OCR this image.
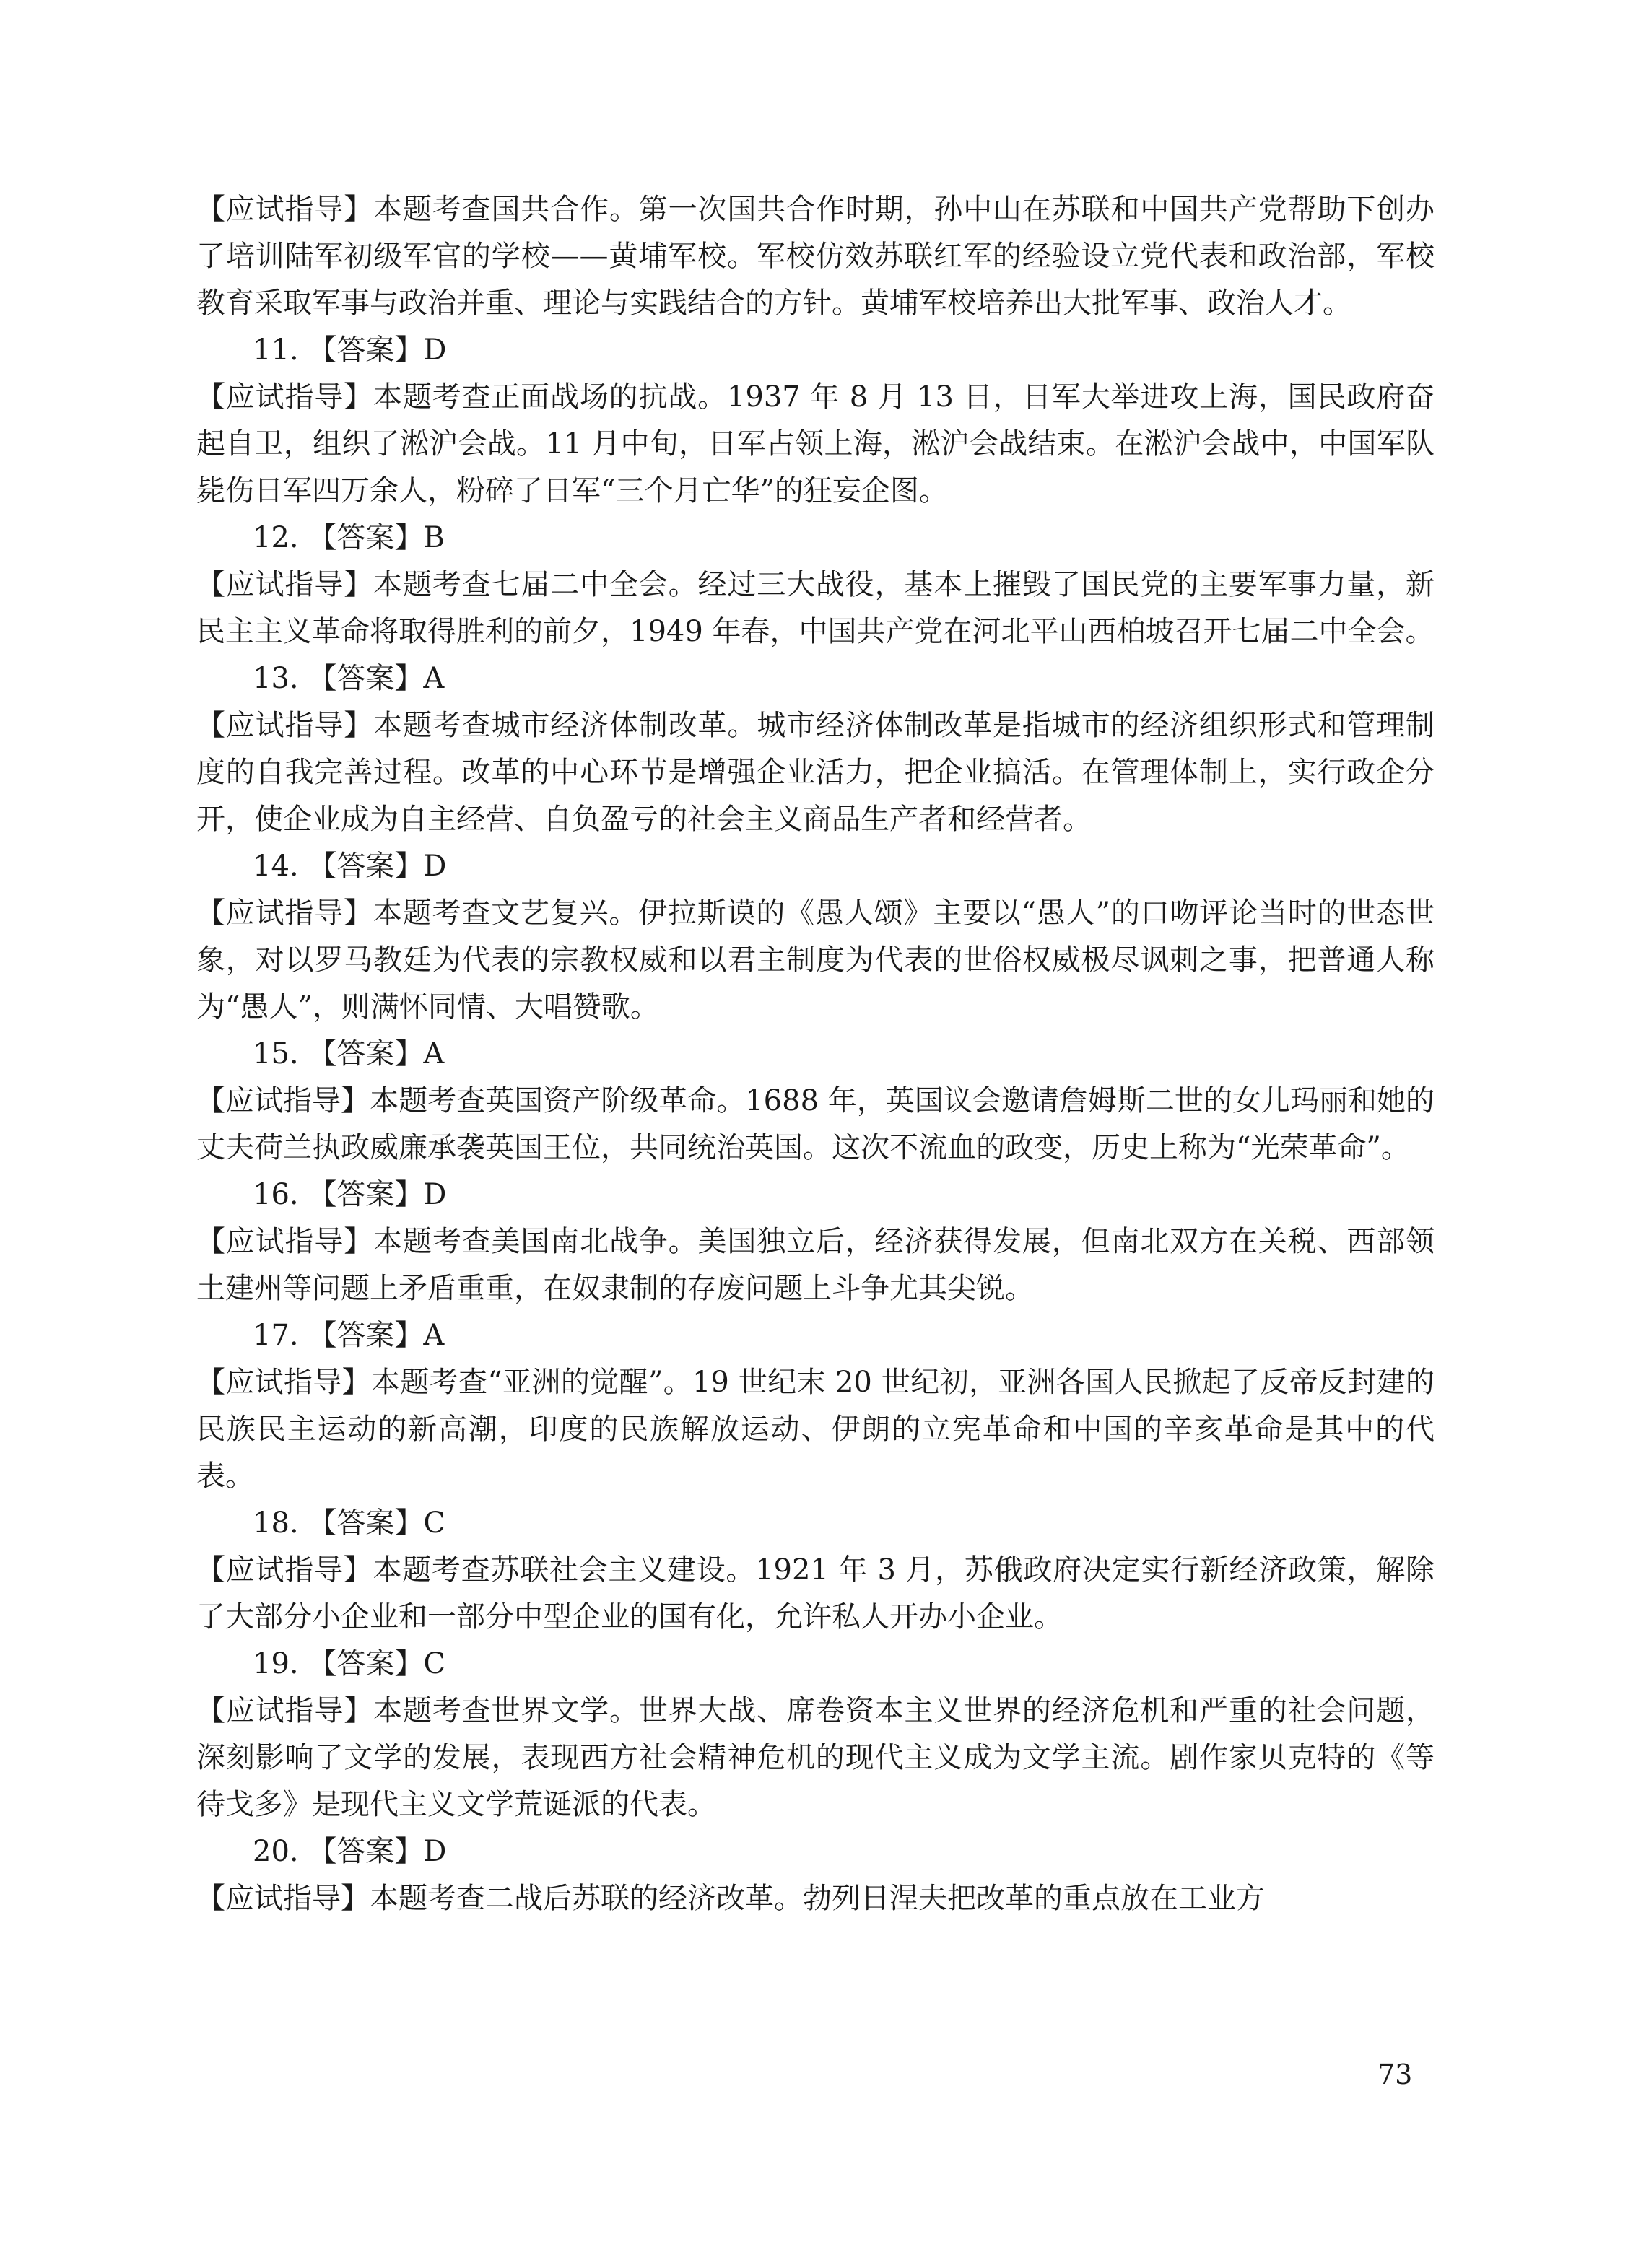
【应试指导】本题考查国共合作。第一次国共合作时期，孙中山在苏联和中国共产党帮助下创办了培训陆军初级军官的学校——黄埔军校。军校仿效苏联红军的经验设立党代表和政治部，军校教育采取军事与政治并重、理论与实践结合的方针。黄埔军校培养出大批军事、政治人才。

11. 【答案】D

【应试指导】本题考查正面战场的抗战。1937 年 8 月 13 日，日军大举进攻上海，国民政府奋起自卫，组织了淞沪会战。11 月中旬，日军占领上海，淞沪会战结束。在淞沪会战中，中国军队毙伤日军四万余人，粉碎了日军“三个月亡华”的狂妄企图。

12. 【答案】B

【应试指导】本题考查七届二中全会。经过三大战役，基本上摧毁了国民党的主要军事力量，新民主主义革命将取得胜利的前夕，1949 年春，中国共产党在河北平山西柏坡召开七届二中全会。

13. 【答案】A

【应试指导】本题考查城市经济体制改革。城市经济体制改革是指城市的经济组织形式和管理制度的自我完善过程。改革的中心环节是增强企业活力，把企业搞活。在管理体制上，实行政企分开，使企业成为自主经营、自负盈亏的社会主义商品生产者和经营者。

14. 【答案】D

【应试指导】本题考查文艺复兴。伊拉斯谟的《愚人颂》主要以“愚人”的口吻评论当时的世态世象，对以罗马教廷为代表的宗教权威和以君主制度为代表的世俗权威极尽讽刺之事，把普通人称为“愚人”，则满怀同情、大唱赞歌。

15. 【答案】A

【应试指导】本题考查英国资产阶级革命。1688 年，英国议会邀请詹姆斯二世的女儿玛丽和她的丈夫荷兰执政威廉承袭英国王位，共同统治英国。这次不流血的政变，历史上称为“光荣革命”。

16. 【答案】D

【应试指导】本题考查美国南北战争。美国独立后，经济获得发展，但南北双方在关税、西部领土建州等问题上矛盾重重，在奴隶制的存废问题上斗争尤其尖锐。

17. 【答案】A

【应试指导】本题考查“亚洲的觉醒”。19 世纪末 20 世纪初，亚洲各国人民掀起了反帝反封建的民族民主运动的新高潮，印度的民族解放运动、伊朗的立宪革命和中国的辛亥革命是其中的代表。

18. 【答案】C

【应试指导】本题考查苏联社会主义建设。1921 年 3 月，苏俄政府决定实行新经济政策，解除了大部分小企业和一部分中型企业的国有化，允许私人开办小企业。

19. 【答案】C

【应试指导】本题考查世界文学。世界大战、席卷资本主义世界的经济危机和严重的社会问题，深刻影响了文学的发展，表现西方社会精神危机的现代主义成为文学主流。剧作家贝克特的《等待戈多》是现代主义文学荒诞派的代表。

20. 【答案】D

【应试指导】本题考查二战后苏联的经济改革。勃列日涅夫把改革的重点放在工业方

73
